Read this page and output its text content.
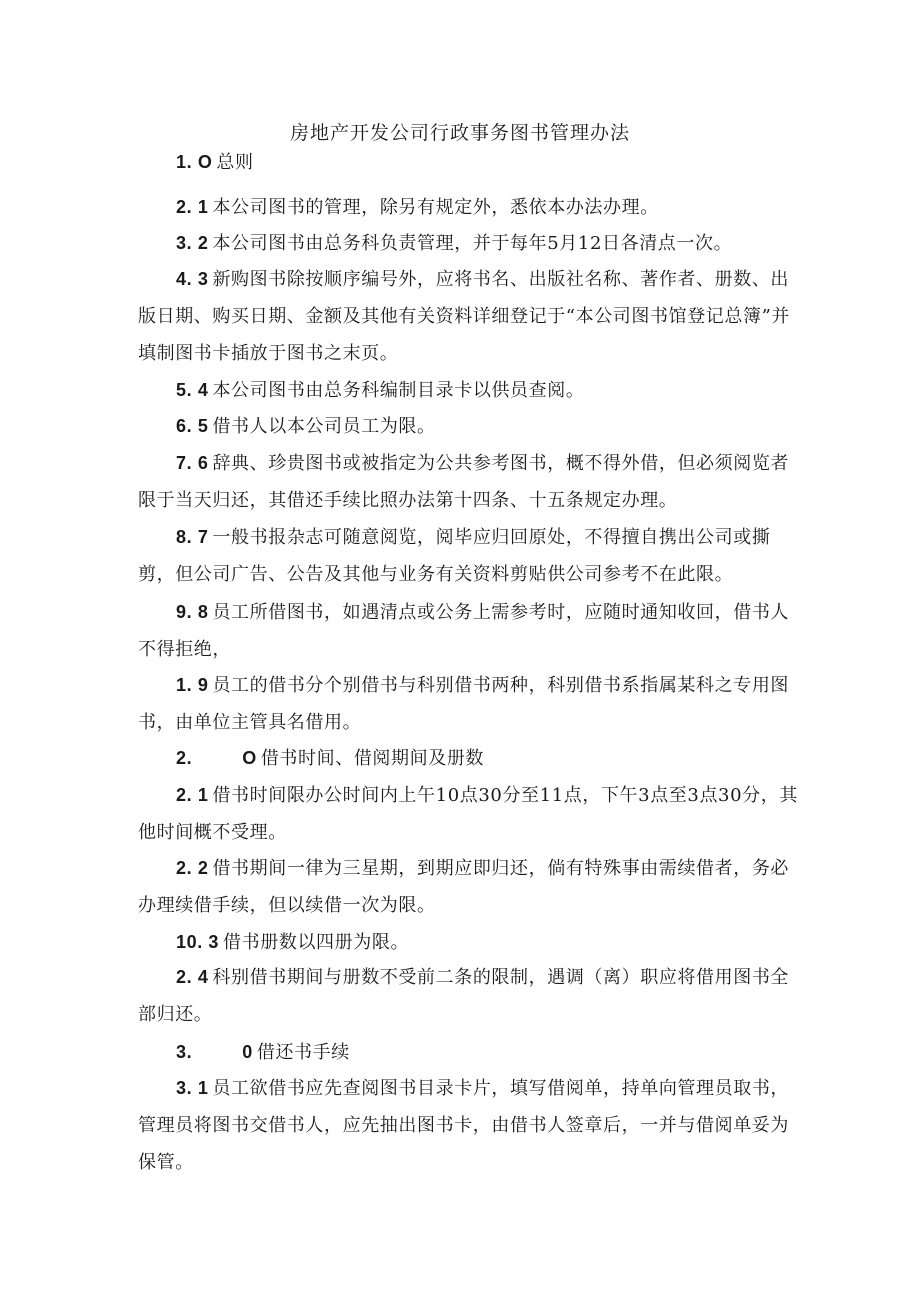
房地产开发公司行政事务图书管理办法

1. O 总则

2. 1 本公司图书的管理，除另有规定外，悉依本办法办理。

3. 2 本公司图书由总务科负责管理，并于每年5月12日各清点一次。

4. 3 新购图书除按顺序编号外，应将书名、出版社名称、著作者、册数、出版日期、购买日期、金额及其他有关资料详细登记于“本公司图书馆登记总簿”并填制图书卡插放于图书之末页。

5. 4 本公司图书由总务科编制目录卡以供员查阅。

6. 5 借书人以本公司员工为限。

7. 6 辞典、珍贵图书或被指定为公共参考图书，概不得外借，但必须阅览者限于当天归还，其借还手续比照办法第十四条、十五条规定办理。

8. 7 一般书报杂志可随意阅览，阅毕应归回原处，不得擅自携出公司或撕剪，但公司广告、公告及其他与业务有关资料剪贴供公司参考不在此限。

9. 8 员工所借图书，如遇清点或公务上需参考时，应随时通知收回，借书人不得拒绝，

1. 9 员工的借书分个别借书与科别借书两种，科别借书系指属某科之专用图书，由单位主管具名借用。

2.	O 借书时间、借阅期间及册数

2. 1 借书时间限办公时间内上午10点30分至11点，下午3点至3点30分，其他时间概不受理。

2. 2 借书期间一律为三星期，到期应即归还，倘有特殊事由需续借者，务必办理续借手续，但以续借一次为限。

10. 3 借书册数以四册为限。

2. 4 科别借书期间与册数不受前二条的限制，遇调（离）职应将借用图书全部归还。

3.	0 借还书手续

3. 1 员工欲借书应先查阅图书目录卡片，填写借阅单，持单向管理员取书，管理员将图书交借书人，应先抽出图书卡，由借书人签章后，一并与借阅单妥为保管。
